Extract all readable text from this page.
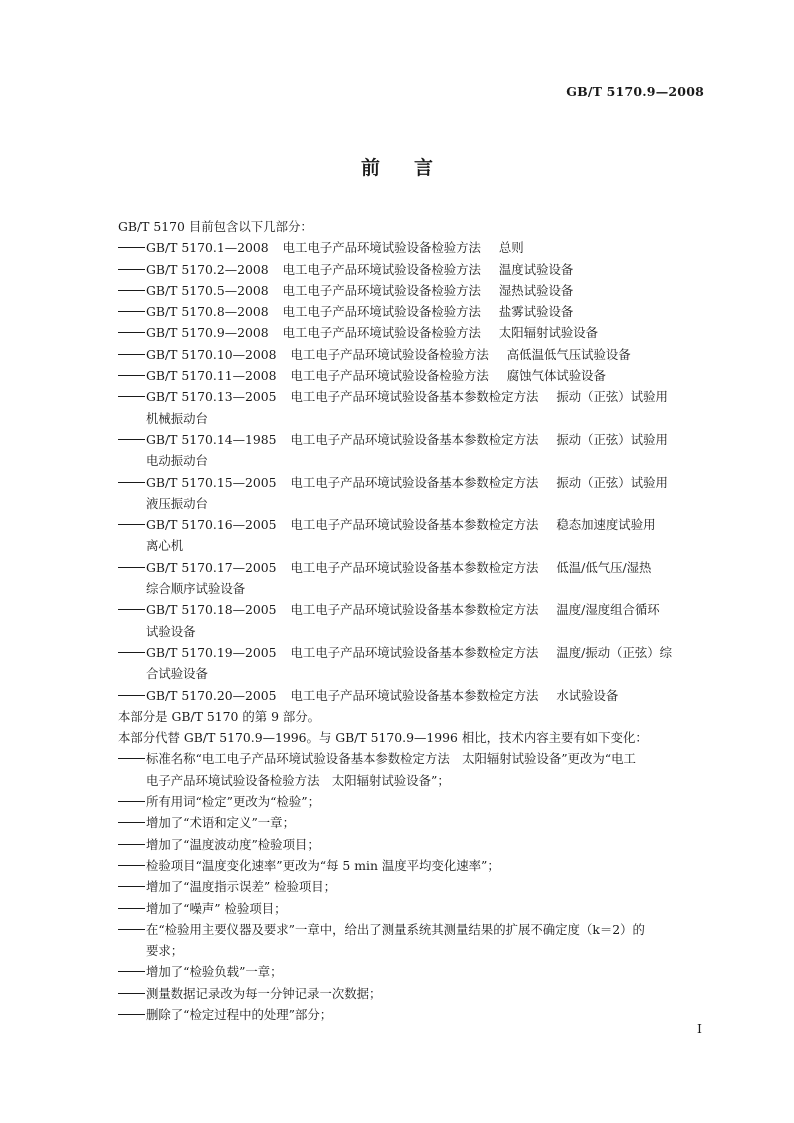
GB/T 5170.9—2008
前言
GB/T 5170 目前包含以下几部分：
GB/T 5170.1—2008 电工电子产品环境试验设备检验方法 总则
GB/T 5170.2—2008 电工电子产品环境试验设备检验方法 温度试验设备
GB/T 5170.5—2008 电工电子产品环境试验设备检验方法 湿热试验设备
GB/T 5170.8—2008 电工电子产品环境试验设备检验方法 盐雾试验设备
GB/T 5170.9—2008 电工电子产品环境试验设备检验方法 太阳辐射试验设备
GB/T 5170.10—2008 电工电子产品环境试验设备检验方法 高低温低气压试验设备
GB/T 5170.11—2008 电工电子产品环境试验设备检验方法 腐蚀气体试验设备
GB/T 5170.13—2005 电工电子产品环境试验设备基本参数检定方法 振动（正弦）试验用
机械振动台
GB/T 5170.14—1985 电工电子产品环境试验设备基本参数检定方法 振动（正弦）试验用
电动振动台
GB/T 5170.15—2005 电工电子产品环境试验设备基本参数检定方法 振动（正弦）试验用
液压振动台
GB/T 5170.16—2005 电工电子产品环境试验设备基本参数检定方法 稳态加速度试验用
离心机
GB/T 5170.17—2005 电工电子产品环境试验设备基本参数检定方法 低温/低气压/湿热
综合顺序试验设备
GB/T 5170.18—2005 电工电子产品环境试验设备基本参数检定方法 温度/湿度组合循环
试验设备
GB/T 5170.19—2005 电工电子产品环境试验设备基本参数检定方法 温度/振动（正弦）综
合试验设备
GB/T 5170.20—2005 电工电子产品环境试验设备基本参数检定方法 水试验设备
本部分是 GB/T 5170 的第 9 部分。
本部分代替 GB/T 5170.9—1996。与 GB/T 5170.9—1996 相比，技术内容主要有如下变化：
标准名称“电工电子产品环境试验设备基本参数检定方法　太阳辐射试验设备”更改为“电工
电子产品环境试验设备检验方法　太阳辐射试验设备”；
所有用词“检定”更改为“检验”；
增加了“术语和定义”一章；
增加了“温度波动度”检验项目；
检验项目“温度变化速率”更改为“每 5 min 温度平均变化速率”；
增加了“温度指示误差” 检验项目；
增加了“噪声” 检验项目；
在“检验用主要仪器及要求”一章中，给出了测量系统其测量结果的扩展不确定度（k＝2）的
要求；
增加了“检验负载”一章；
测量数据记录改为每一分钟记录一次数据；
删除了“检定过程中的处理”部分；
I
